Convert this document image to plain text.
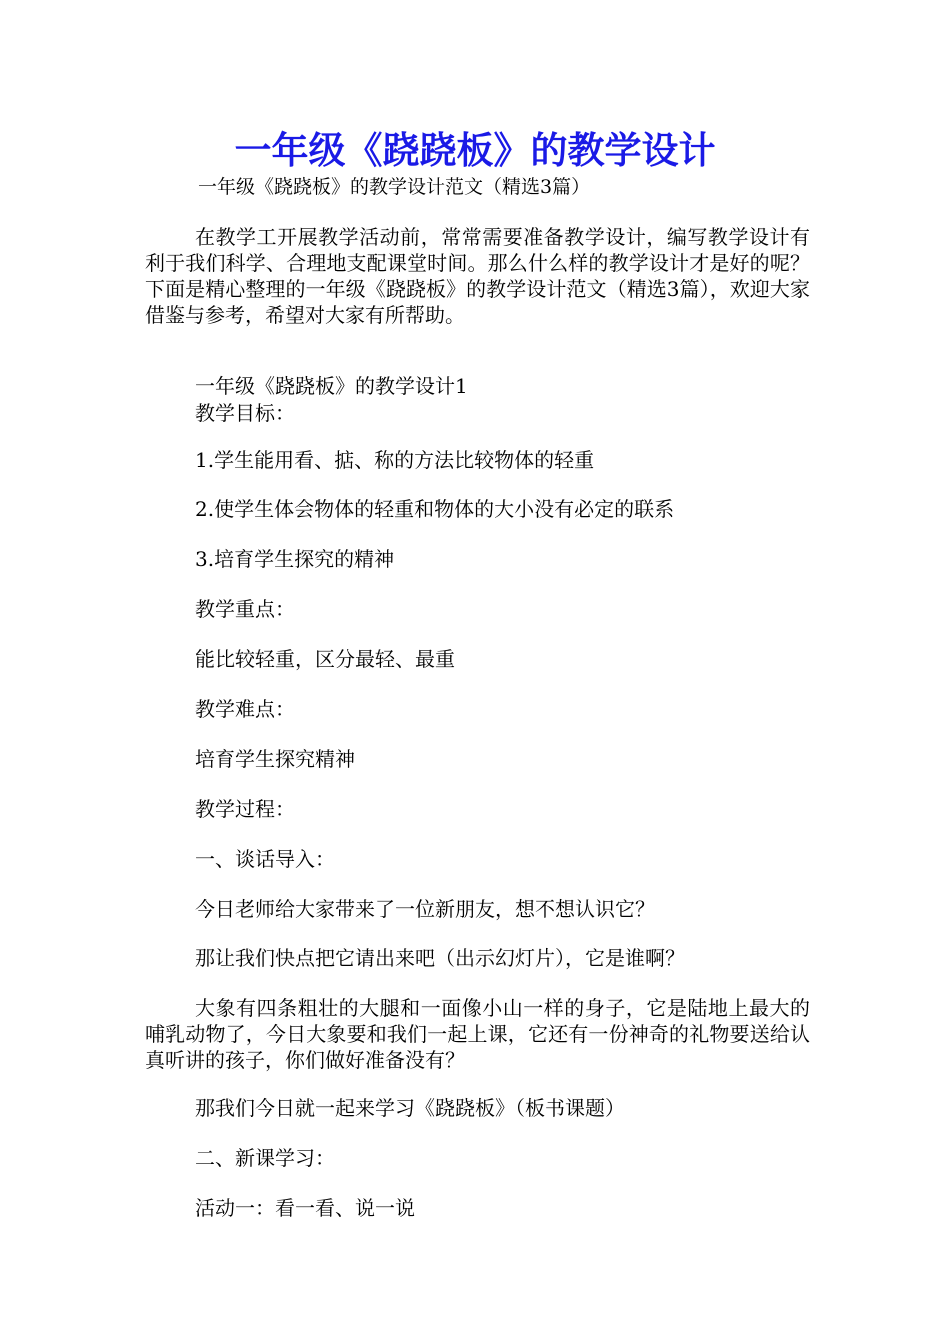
一年级《跷跷板》的教学设计

一年级《跷跷板》的教学设计范文（精选3篇）

在教学工开展教学活动前，常常需要准备教学设计，编写教学设计有利于我们科学、合理地支配课堂时间。那么什么样的教学设计才是好的呢？下面是精心整理的一年级《跷跷板》的教学设计范文（精选3篇），欢迎大家借鉴与参考，希望对大家有所帮助。

一年级《跷跷板》的教学设计1

教学目标：

1.学生能用看、掂、称的方法比较物体的轻重

2.使学生体会物体的轻重和物体的大小没有必定的联系

3.培育学生探究的精神

教学重点：

能比较轻重，区分最轻、最重

教学难点：

培育学生探究精神

教学过程：

一、谈话导入：

今日老师给大家带来了一位新朋友，想不想认识它？

那让我们快点把它请出来吧（出示幻灯片），它是谁啊？

大象有四条粗壮的大腿和一面像小山一样的身子，它是陆地上最大的哺乳动物了，今日大象要和我们一起上课，它还有一份神奇的礼物要送给认真听讲的孩子，你们做好准备没有？

那我们今日就一起来学习《跷跷板》（板书课题）

二、新课学习：

活动一：看一看、说一说
